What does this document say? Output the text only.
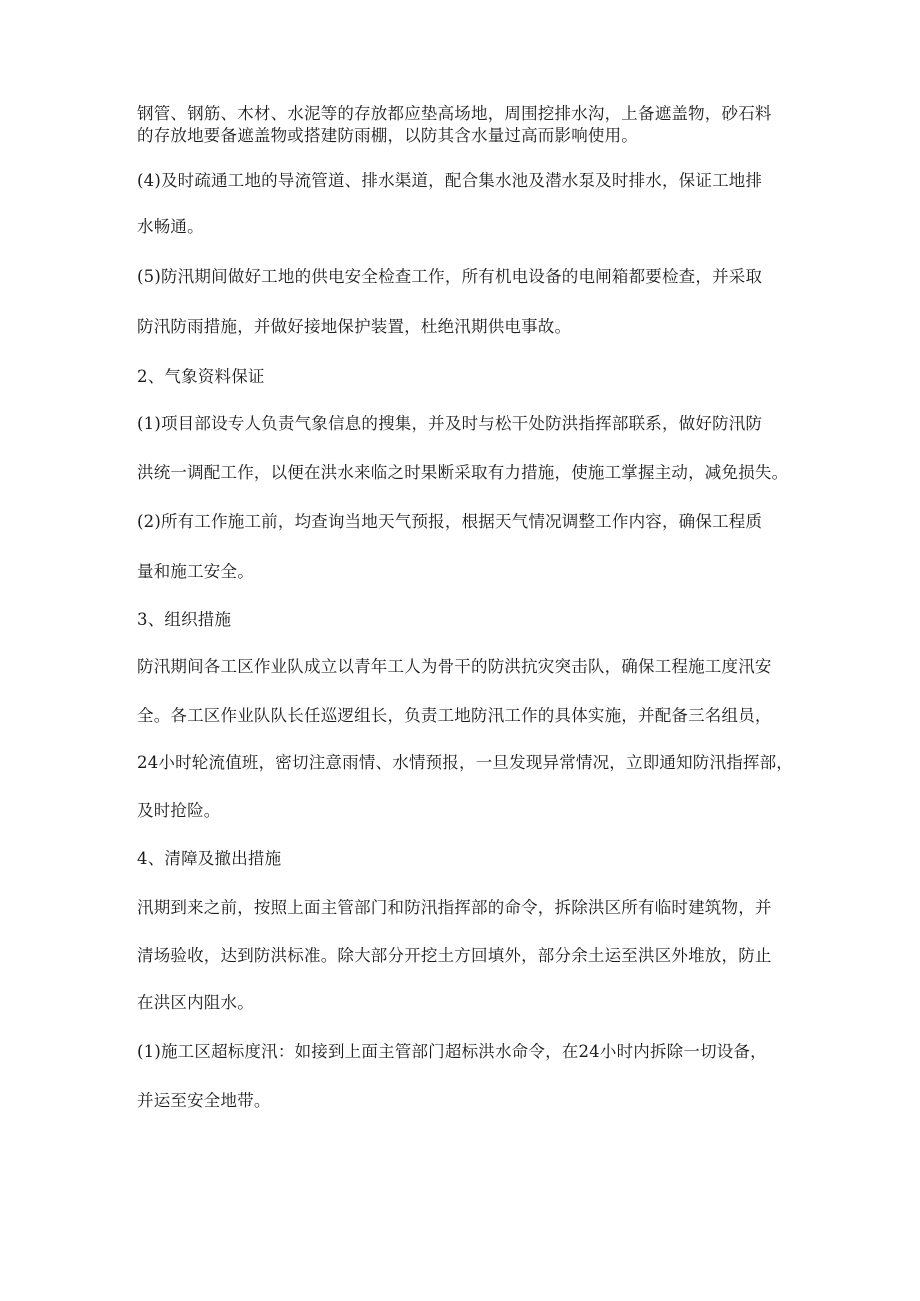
钢管、钢筋、木材、水泥等的存放都应垫高场地，周围挖排水沟，上备遮盖物，砂石料

的存放地要备遮盖物或搭建防雨棚，以防其含水量过高而影响使用。

(4)及时疏通工地的导流管道、排水渠道，配合集水池及潜水泵及时排水，保证工地排

水畅通。

(5)防汛期间做好工地的供电安全检查工作，所有机电设备的电闸箱都要检查，并采取

防汛防雨措施，并做好接地保护装置，杜绝汛期供电事故。

2、气象资料保证

(1)项目部设专人负责气象信息的搜集，并及时与松干处防洪指挥部联系，做好防汛防

洪统一调配工作，以便在洪水来临之时果断采取有力措施，使施工掌握主动，减免损失。

(2)所有工作施工前，均查询当地天气预报，根据天气情况调整工作内容，确保工程质

量和施工安全。

3、组织措施

防汛期间各工区作业队成立以青年工人为骨干的防洪抗灾突击队，确保工程施工度汛安

全。各工区作业队队长任巡逻组长，负责工地防汛工作的具体实施，并配备三名组员，

24小时轮流值班，密切注意雨情、水情预报，一旦发现异常情况，立即通知防汛指挥部，

及时抢险。

4、清障及撤出措施

汛期到来之前，按照上面主管部门和防汛指挥部的命令，拆除洪区所有临时建筑物，并

清场验收，达到防洪标准。除大部分开挖土方回填外，部分余土运至洪区外堆放，防止

在洪区内阻水。

(1)施工区超标度汛：如接到上面主管部门超标洪水命令，在24小时内拆除一切设备，

并运至安全地带。
